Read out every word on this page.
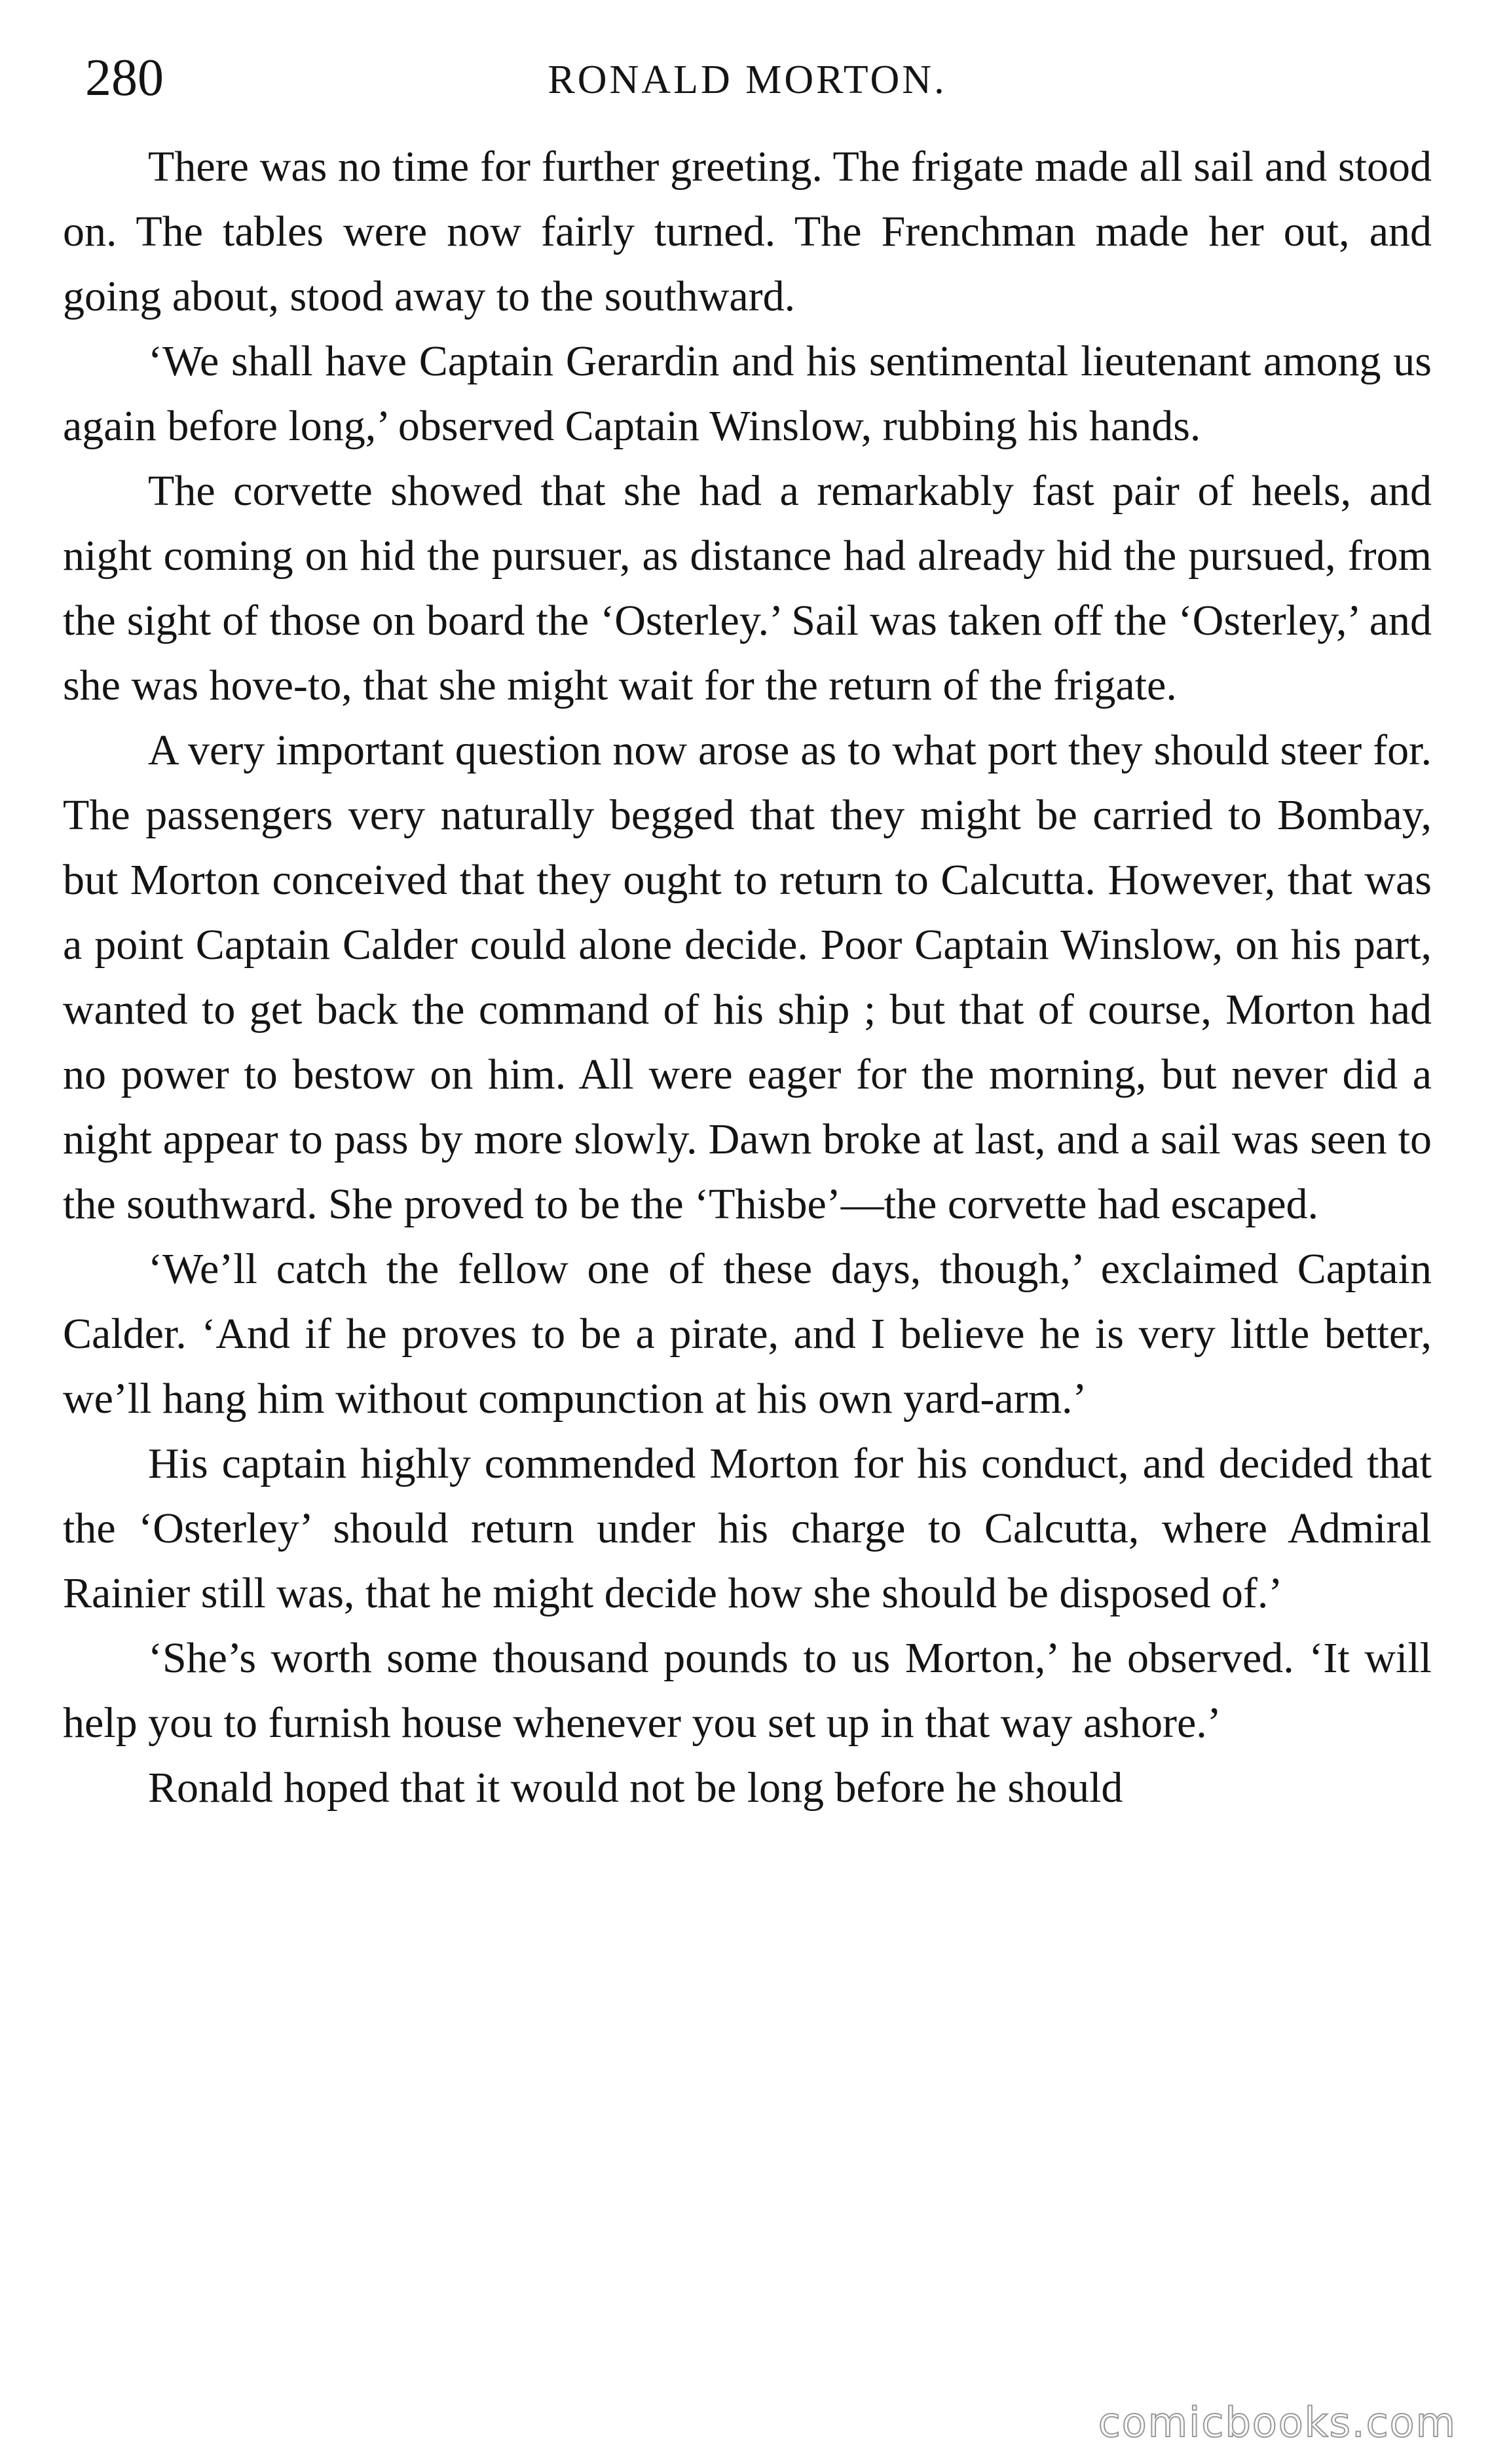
280	RONALD MORTON.

There was no time for further greeting. The frigate made all sail and stood on. The tables were now fairly turned. The Frenchman made her out, and going about, stood away to the southward.

‘We shall have Captain Gerardin and his sentimental lieutenant among us again before long,’ observed Captain Winslow, rubbing his hands.

The corvette showed that she had a remarkably fast pair of heels, and night coming on hid the pursuer, as distance had already hid the pursued, from the sight of those on board the ‘Osterley.’ Sail was taken off the ‘Osterley,’ and she was hove-to, that she might wait for the return of the frigate.

A very important question now arose as to what port they should steer for. The passengers very naturally begged that they might be carried to Bombay, but Morton conceived that they ought to return to Calcutta. However, that was a point Captain Calder could alone decide. Poor Captain Winslow, on his part, wanted to get back the command of his ship ; but that of course, Morton had no power to bestow on him. All were eager for the morning, but never did a night appear to pass by more slowly. Dawn broke at last, and a sail was seen to the southward. She proved to be the ‘Thisbe’—the corvette had escaped.

‘We’ll catch the fellow one of these days, though,’ exclaimed Captain Calder. ‘And if he proves to be a pirate, and I believe he is very little better, we’ll hang him without compunction at his own yard-arm.’

His captain highly commended Morton for his conduct, and decided that the ‘Osterley’ should return under his charge to Calcutta, where Admiral Rainier still was, that he might decide how she should be disposed of.’

‘She’s worth some thousand pounds to us Morton,’ he observed. ‘It will help you to furnish house whenever you set up in that way ashore.’

Ronald hoped that it would not be long before he should

comicbooks.com
